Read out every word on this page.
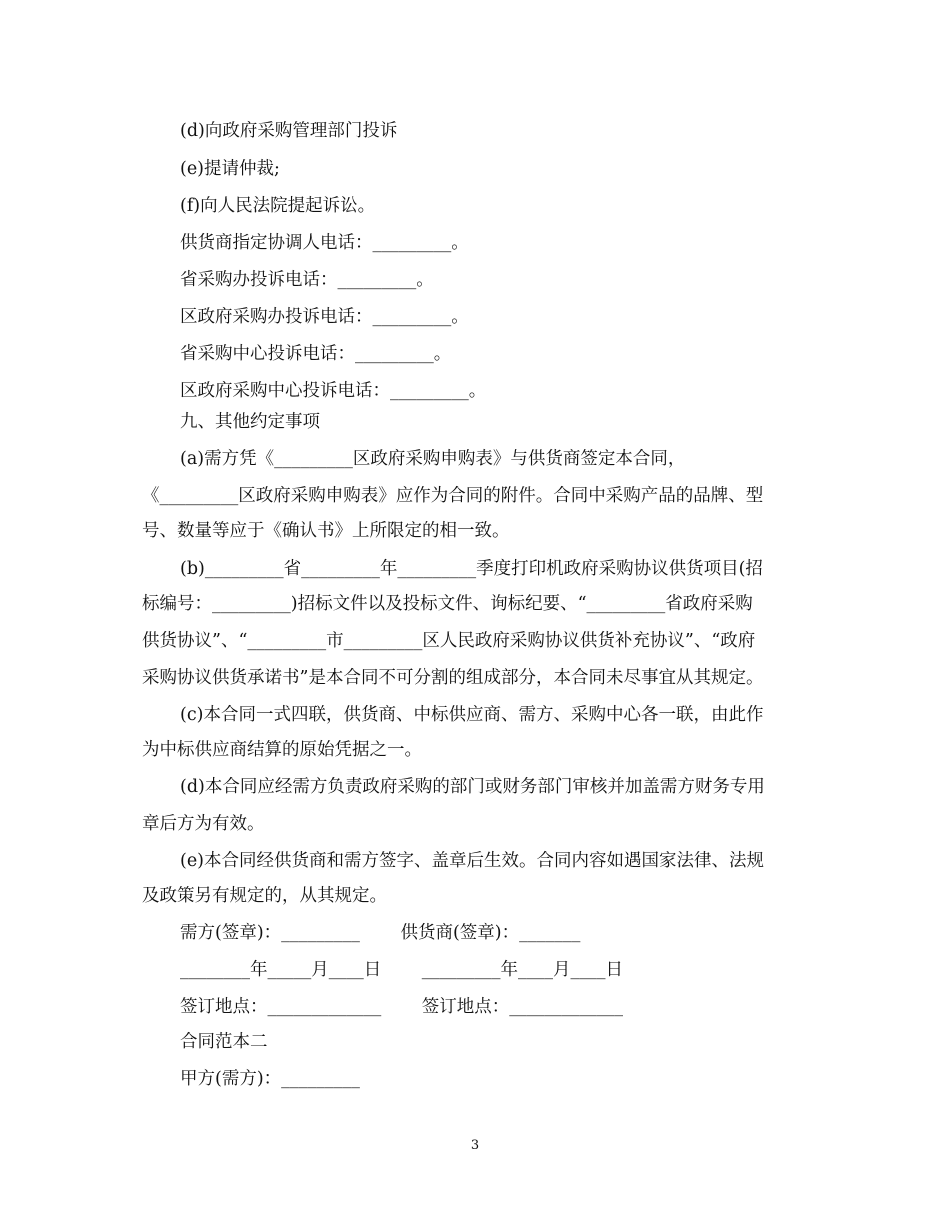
(d)向政府采购管理部门投诉
(e)提请仲裁;
(f)向人民法院提起诉讼。
供货商指定协调人电话：_________。
省采购办投诉电话：_________。
区政府采购办投诉电话：_________。
省采购中心投诉电话：_________。
区政府采购中心投诉电话：_________。
九、其他约定事项
(a)需方凭《_________区政府采购申购表》与供货商签定本合同，
《_________区政府采购申购表》应作为合同的附件。合同中采购产品的品牌、型
号、数量等应于《确认书》上所限定的相一致。
(b)_________省_________年_________季度打印机政府采购协议供货项目(招
标编号：_________)招标文件以及投标文件、询标纪要、“_________省政府采购
供货协议”、“_________市_________区人民政府采购协议供货补充协议”、“政府
采购协议供货承诺书”是本合同不可分割的组成部分，本合同未尽事宜从其规定。
(c)本合同一式四联，供货商、中标供应商、需方、采购中心各一联，由此作
为中标供应商结算的原始凭据之一。
(d)本合同应经需方负责政府采购的部门或财务部门审核并加盖需方财务专用
章后方为有效。
(e)本合同经供货商和需方签字、盖章后生效。合同内容如遇国家法律、法规
及政策另有规定的，从其规定。
需方(签章)：_________　　 供货商(签章)：_______
________年_____月____日　　 _________年____月____日
签订地点：_____________　　 签订地点：_____________
合同范本二
甲方(需方)：_________
3
